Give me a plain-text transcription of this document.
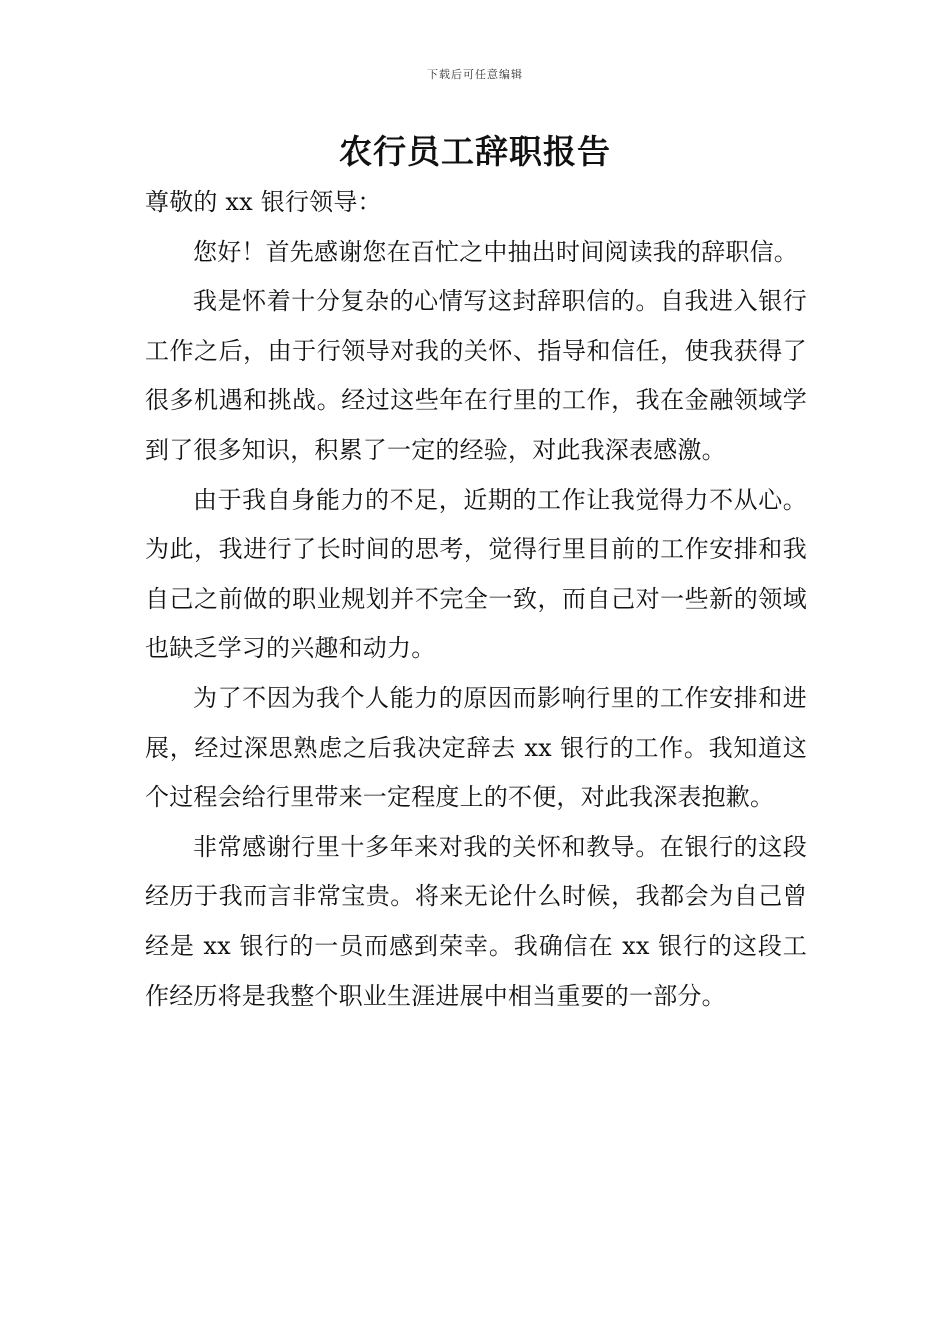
下载后可任意编辑
农行员工辞职报告

尊敬的 xx 银行领导：

您好！首先感谢您在百忙之中抽出时间阅读我的辞职信。

我是怀着十分复杂的心情写这封辞职信的。自我进入银行工作之后，由于行领导对我的关怀、指导和信任，使我获得了很多机遇和挑战。经过这些年在行里的工作，我在金融领域学到了很多知识，积累了一定的经验，对此我深表感激。

由于我自身能力的不足，近期的工作让我觉得力不从心。为此，我进行了长时间的思考，觉得行里目前的工作安排和我自己之前做的职业规划并不完全一致，而自己对一些新的领域也缺乏学习的兴趣和动力。

为了不因为我个人能力的原因而影响行里的工作安排和进展，经过深思熟虑之后我决定辞去 xx 银行的工作。我知道这个过程会给行里带来一定程度上的不便，对此我深表抱歉。

非常感谢行里十多年来对我的关怀和教导。在银行的这段经历于我而言非常宝贵。将来无论什么时候，我都会为自己曾经是 xx 银行的一员而感到荣幸。我确信在 xx 银行的这段工作经历将是我整个职业生涯进展中相当重要的一部分。
